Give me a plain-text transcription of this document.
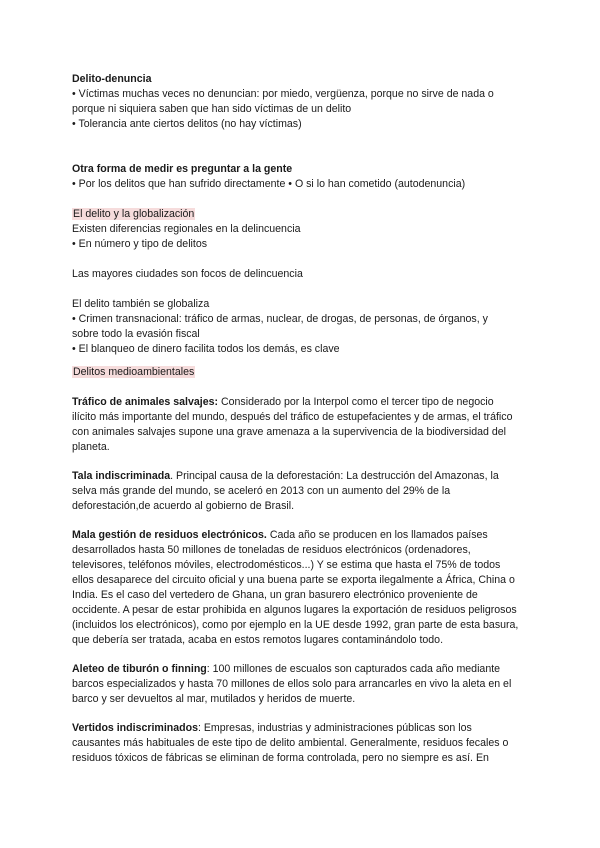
Delito-denuncia
• Víctimas muchas veces no denuncian: por miedo, vergüenza, porque no sirve de nada o
porque ni siquiera saben que han sido víctimas de un delito
• Tolerancia ante ciertos delitos (no hay víctimas)
Otra forma de medir es preguntar a la gente
• Por los delitos que han sufrido directamente • O si lo han cometido (autodenuncia)
El delito y la globalización
Existen diferencias regionales en la delincuencia
• En número y tipo de delitos
Las mayores ciudades son focos de delincuencia
El delito también se globaliza
• Crimen transnacional: tráfico de armas, nuclear, de drogas, de personas, de órganos, y
sobre todo la evasión fiscal
• El blanqueo de dinero facilita todos los demás, es clave
Delitos medioambientales

Tráfico de animales salvajes: Considerado por la Interpol como el tercer tipo de negocio ilícito más importante del mundo, después del tráfico de estupefacientes y de armas, el tráfico con animales salvajes supone una grave amenaza a la supervivencia de la biodiversidad del planeta.

Tala indiscriminada. Principal causa de la deforestación: La destrucción del Amazonas, la selva más grande del mundo, se aceleró en 2013 con un aumento del 29% de la deforestación,de acuerdo al gobierno de Brasil.

Mala gestión de residuos electrónicos. Cada año se producen en los llamados países desarrollados hasta 50 millones de toneladas de residuos electrónicos (ordenadores, televisores, teléfonos móviles, electrodomésticos...) Y se estima que hasta el 75% de todos ellos desaparece del circuito oficial y una buena parte se exporta ilegalmente a África, China o India. Es el caso del vertedero de Ghana, un gran basurero electrónico proveniente de occidente. A pesar de estar prohibida en algunos lugares la exportación de residuos peligrosos (incluidos los electrónicos), como por ejemplo en la UE desde 1992, gran parte de esta basura, que debería ser tratada, acaba en estos remotos lugares contaminándolo todo.

Aleteo de tiburón o finning: 100 millones de escualos son capturados cada año mediante barcos especializados y hasta 70 millones de ellos solo para arrancarles en vivo la aleta en el barco y ser devueltos al mar, mutilados y heridos de muerte.

Vertidos indiscriminados: Empresas, industrias y administraciones públicas son los causantes más habituales de este tipo de delito ambiental. Generalmente, residuos fecales o residuos tóxicos de fábricas se eliminan de forma controlada, pero no siempre es así. En
